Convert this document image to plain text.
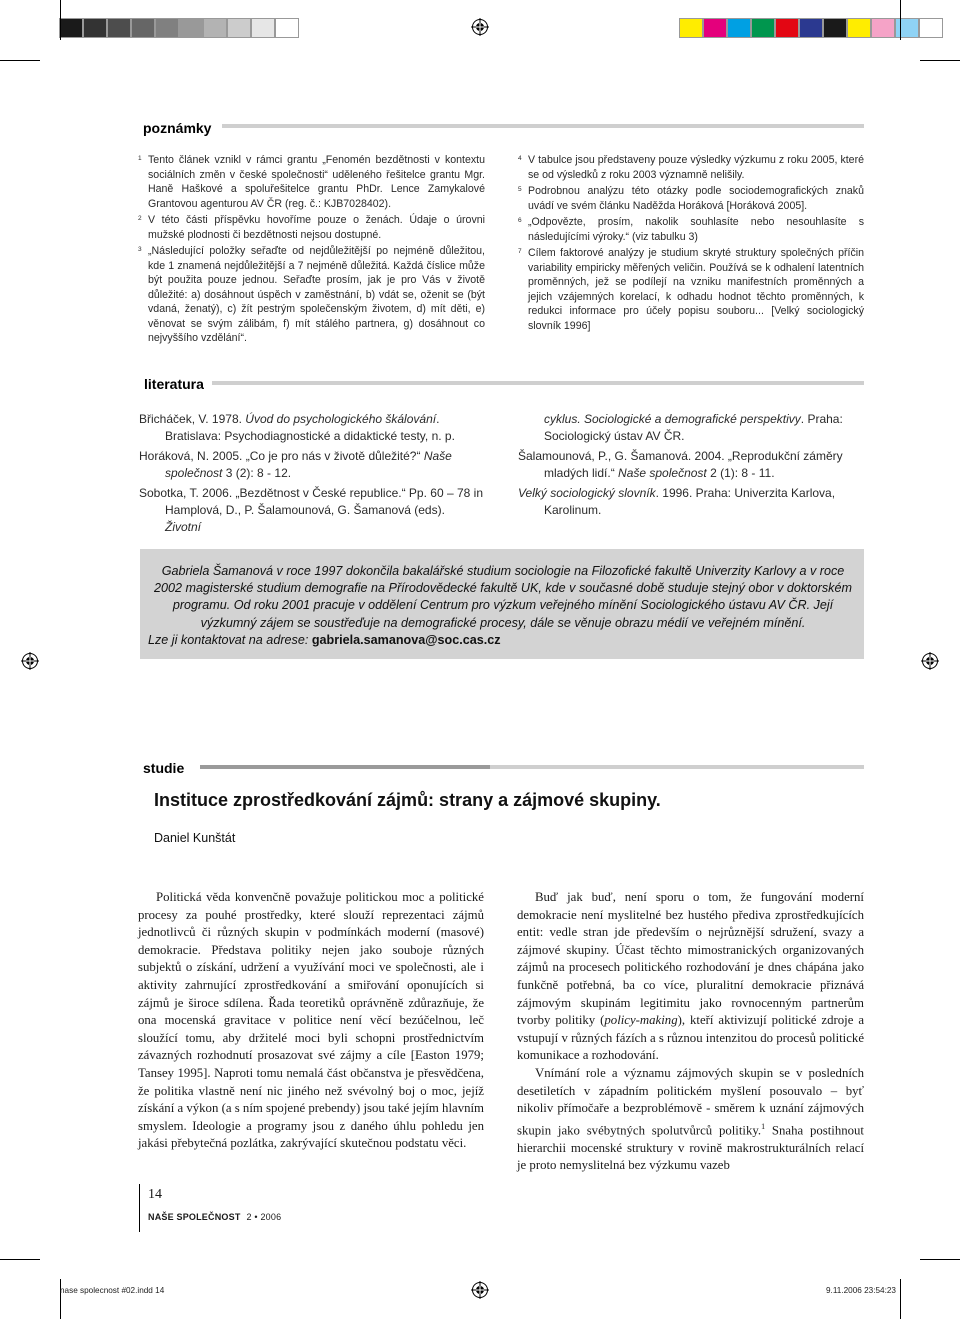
poznámky
1 Tento článek vznikl v rámci grantu „Fenomén bezdětnosti v kontextu sociálních změn v české společnosti“ uděleného řešitelce grantu Mgr. Haně Haškové a spoluřešitelce grantu PhDr. Lence Zamykalové Grantovou agenturou AV ČR (reg. č.: KJB7028402).
2 V této části příspěvku hovoříme pouze o ženách. Údaje o úrovni mužské plodnosti či bezdětnosti nejsou dostupné.
3 „Následující položky seřaďte od nejdůležitější po nejméně důležitou, kde 1 znamená nejdůležitější a 7 nejméně důležitá. Každá číslice může být použita pouze jednou. Seřaďte prosím, jak je pro Vás v životě důležité: a) dosáhnout úspěch v zaměstnání, b) vdát se, oženit se (být vdaná, ženatý), c) žít pestrým společenským životem, d) mít děti, e) věnovat se svým zálibám, f) mít stálého partnera, g) dosáhnout co nejvyššího vzdělání“.
4 V tabulce jsou představeny pouze výsledky výzkumu z roku 2005, které se od výsledků z roku 2003 významně nelišily.
5 Podrobnou analýzu této otázky podle sociodemografických znaků uvádí ve svém článku Naděžda Horáková [Horáková 2005].
6 „Odpovězte, prosím, nakolik souhlasíte nebo nesouhlasíte s následujícími výroky.“ (viz tabulku 3)
7 Cílem faktorové analýzy je studium skryté struktury společných příčin variability empiricky měřených veličin. Používá se k odhalení latentních proměnných, jež se podílejí na vzniku manifestních proměnných a jejich vzájemných korelací, k odhadu hodnot těchto proměnných, k redukci informace pro účely popisu souboru... [Velký sociologický slovník 1996]
literatura
Břicháček, V. 1978. Úvod do psychologického škálování. Bratislava: Psychodiagnostické a didaktické testy, n. p.
Horáková, N. 2005. „Co je pro nás v životě důležité?“ Naše společnost 3 (2): 8 - 12.
Sobotka, T. 2006. „Bezdětnost v České republice.“ Pp. 60 – 78 in Hamplová, D., P. Šalamounová, G. Šamanová (eds). Životní
cyklus. Sociologické a demografické perspektivy. Praha: Sociologický ústav AV ČR.
Šalamounová, P., G. Šamanová. 2004. „Reprodukční záměry mladých lidí.“ Naše společnost 2 (1): 8 - 11.
Velký sociologický slovník. 1996. Praha: Univerzita Karlova, Karolinum.
Gabriela Šamanová v roce 1997 dokončila bakalářské studium sociologie na Filozofické fakultě Univerzity Karlovy a v roce 2002 magisterské studium demografie na Přírodovědecké fakultě UK, kde v současné době studuje stejný obor v doktorském programu. Od roku 2001 pracuje v oddělení Centrum pro výzkum veřejného mínění Sociologického ústavu AV ČR. Její výzkumný zájem se soustřeďuje na demografické procesy, dále se věnuje obrazu médií ve veřejném mínění.
Lze ji kontaktovat na adrese: gabriela.samanova@soc.cas.cz
studie
Instituce zprostředkování zájmů: strany a zájmové skupiny.
Daniel Kunštát

Politická věda konvenčně považuje politickou moc a politické procesy za pouhé prostředky, které slouží reprezentaci zájmů jednotlivců či různých skupin v podmínkách moderní (masové) demokracie. Představa politiky nejen jako souboje různých subjektů o získání, udržení a využívání moci ve společnosti, ale i aktivity zahrnující zprostředkování a smiřování oponujících si zájmů je široce sdílena. Řada teoretiků oprávněně zdůrazňuje, že ona mocenská gravitace v politice není věcí bezúčelnou, leč sloužící tomu, aby držitelé moci byli schopni prostřednictvím závazných rozhodnutí prosazovat své zájmy a cíle [Easton 1979; Tansey 1995]. Naproti tomu nemalá část občanstva je přesvědčena, že politika vlastně není nic jiného než svévolný boj o moc, jejíž získání a výkon (a s ním spojené prebendy) jsou také jejím hlavním smyslem. Ideologie a programy jsou z daného úhlu pohledu jen jakási přebytečná pozlátka, zakrývající skutečnou podstatu věci.

Buď jak buď, není sporu o tom, že fungování moderní demokracie není myslitelné bez hustého předivа zprostředkujících entit: vedle stran jde především o nejrůznější sdružení, svazy a zájmové skupiny. Účast těchto mimostranických organizovaných zájmů na procesech politického rozhodování je dnes chápána jako funkčně potřebná, ba co více, pluralitní demokracie přiznává zájmovým skupinám legitimitu jako rovnocenným partnerům tvorby politiky (policy-making), kteří aktivizují politické zdroje a vstupují v různých fázích a s různou intenzitou do procesů politické komunikace a rozhodování.

Vnímání role a významu zájmových skupin se v posledních desetiletích v západním politickém myšlení posouvalo – byť nikoliv přímočaře a bezproblémově - směrem k uznání zájmových skupin jako svébytných spolutvůrců politiky.$^1$ Snaha postihnout hierarchii mocenské struktury v rovině makrostrukturálních relací je proto nemyslitelná bez výzkumu vazeb

14
NAŠE SPOLEČNOST 2 • 2006
nase spolecnost #02.indd 14	9.11.2006 23:54:23
